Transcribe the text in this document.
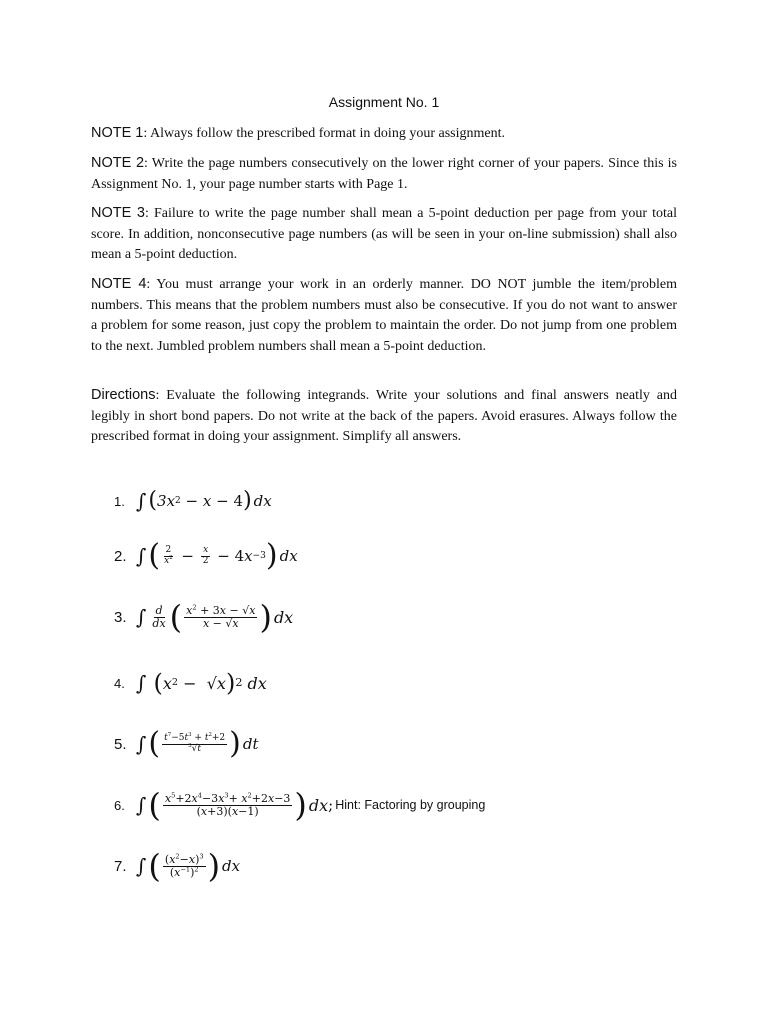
Assignment No. 1

NOTE 1: Always follow the prescribed format in doing your assignment.

NOTE 2: Write the page numbers consecutively on the lower right corner of your papers. Since this is Assignment No. 1, your page number starts with Page 1.

NOTE 3: Failure to write the page number shall mean a 5-point deduction per page from your total score. In addition, nonconsecutive page numbers (as will be seen in your on-line submission) shall also mean a 5-point deduction.

NOTE 4: You must arrange your work in an orderly manner. DO NOT jumble the item/problem numbers. This means that the problem numbers must also be consecutive. If you do not want to answer a problem for some reason, just copy the problem to maintain the order. Do not jump from one problem to the next. Jumbled problem numbers shall mean a 5-point deduction.

Directions: Evaluate the following integrands. Write your solutions and final answers neatly and legibly in short bond papers. Do not write at the back of the papers. Avoid erasures. Always follow the prescribed format in doing your assignment. Simplify all answers.

1. ∫ ( 3 x 2
−
x
−
4 ) dx
2. ∫ ( $\frac{2}{x^2} - \frac{x}{2} - 4$ x −3 ) dx
3. ∫ $\frac{d}{dx}$ ( $\frac{x^2 + 3x - √x}{x - √x}$ ) dx
4. ∫
( x 2
−
√ x ) 2
dx
5. ∫ ( $\frac{t^7-5t^3 + t^2+2}{^3√t}$ ) dt
6. ∫ ( $\frac{x^5+2x^4-3x^3+ x^2+2x-3}{(x+3)(x-1)}$ ) dx ; Hint: Factoring by grouping
7. ∫ ( $\frac{(x^2-x)^3}{(x^{-1})^2}$ ) dx
